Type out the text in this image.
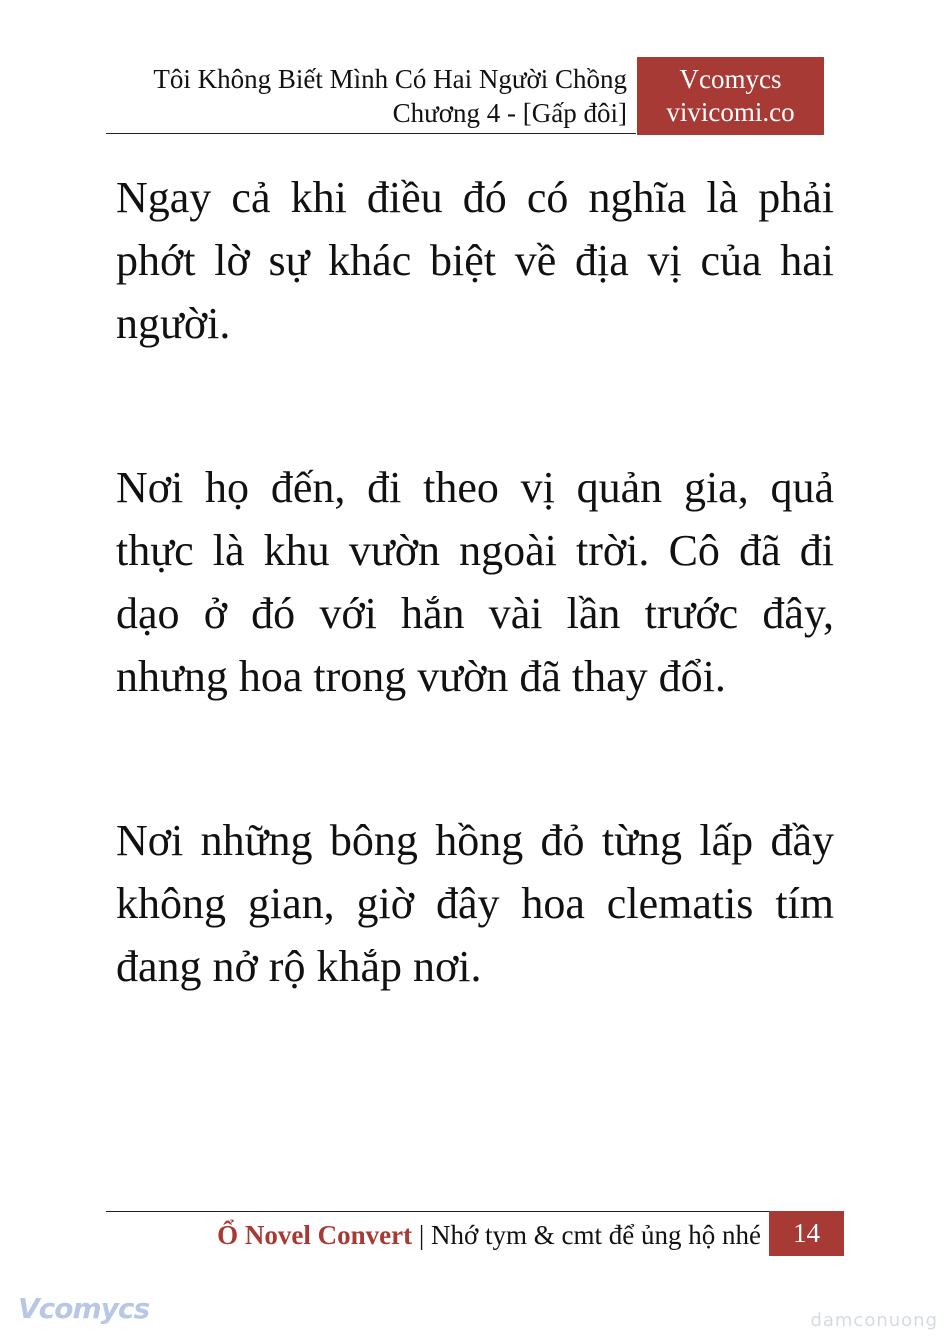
Tôi Không Biết Mình Có Hai Người Chồng
Chương 4 - [Gấp đôi]
Vcomycs
vivicomi.co

Ngay cả khi điều đó có nghĩa là phải phớt lờ sự khác biệt về địa vị của hai người.

Nơi họ đến, đi theo vị quản gia, quả thực là khu vườn ngoài trời. Cô đã đi dạo ở đó với hắn vài lần trước đây, nhưng hoa trong vườn đã thay đổi.

Nơi những bông hồng đỏ từng lấp đầy không gian, giờ đây hoa clematis tím đang nở rộ khắp nơi.

Ổ Novel Convert | Nhớ tym & cmt để ủng hộ nhé	14
Vcomycs	damconuong
